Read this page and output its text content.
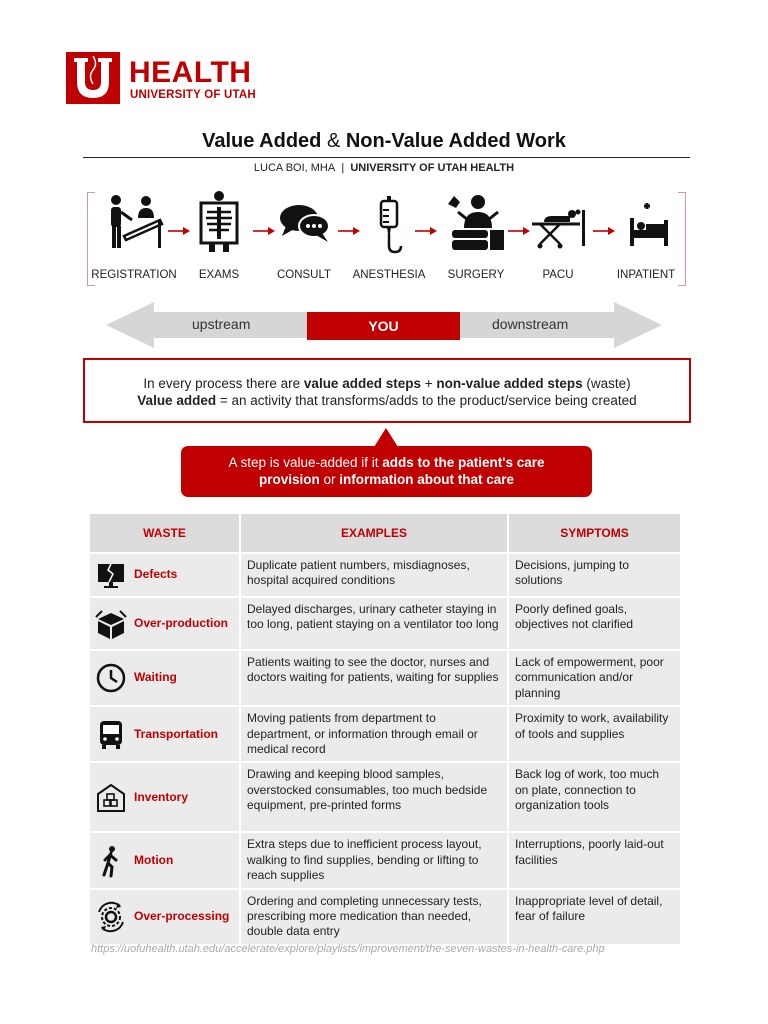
HEALTH
UNIVERSITY OF UTAH
Value Added & Non-Value Added Work
LUCA BOI, MHA | UNIVERSITY OF UTAH HEALTH
REGISTRATION	EXAMS	CONSULT	ANESTHESIA	SURGERY	PACU	INPATIENT
upstream	YOU	downstream
In every process there are value added steps + non-value added steps (waste)
Value added = an activity that transforms/adds to the product/service being created
A step is value-added if it adds to the patient's care
provision or information about that care
WASTE	EXAMPLES	SYMPTOMS

Defects	Duplicate patient numbers, misdiagnoses, hospital acquired conditions	Decisions, jumping to solutions

Over-production	Delayed discharges, urinary catheter staying in too long, patient staying on a ventilator too long	Poorly defined goals, objectives not clarified

Waiting	Patients waiting to see the doctor, nurses and doctors waiting for patients, waiting for supplies	Lack of empowerment, poor communication and/or planning

Transportation	Moving patients from department to department, or information through email or medical record	Proximity to work, availability of tools and supplies

Inventory	Drawing and keeping blood samples, overstocked consumables, too much bedside equipment, pre-printed forms	Back log of work, too much on plate, connection to organization tools

Motion	Extra steps due to inefficient process layout, walking to find supplies, bending or lifting to reach supplies	Interruptions, poorly laid-out facilities

Over-processing	Ordering and completing unnecessary tests, prescribing more medication than needed, double data entry	Inappropriate level of detail, fear of failure
https://uofuhealth.utah.edu/accelerate/explore/playlists/improvement/the-seven-wastes-in-health-care.php
